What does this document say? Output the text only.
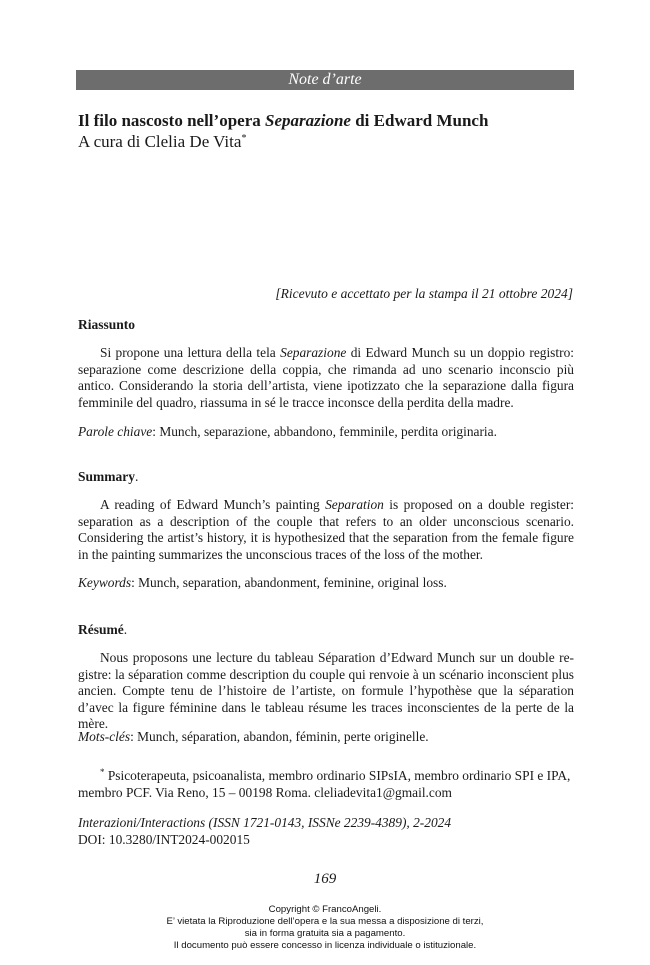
Note d’arte
Il filo nascosto nell’opera Separazione di Edward Munch
A cura di Clelia De Vita*
[Ricevuto e accettato per la stampa il 21 ottobre 2024]
Riassunto

Si propone una lettura della tela Separazione di Edward Munch su un doppio registro: separazione come descrizione della coppia, che rimanda ad uno scenario inconscio più antico. Considerando la storia dell’artista, viene ipotizzato che la separazione dalla figura femminile del quadro, riassuma in sé le tracce inconsce della perdita della madre.

Parole chiave: Munch, separazione, abbandono, femminile, perdita originaria.
Summary.

A reading of Edward Munch’s painting Separation is proposed on a double register: separation as a description of the couple that refers to an older unconscious scenario. Considering the artist’s history, it is hypothesized that the separation from the female figure in the painting summarizes the unconscious traces of the loss of the mother.

Keywords: Munch, separation, abandonment, feminine, original loss.
Résumé.

Nous proposons une lecture du tableau Séparation d’Edward Munch sur un double registre: la séparation comme description du couple qui renvoie à un scénario inconscient plus ancien. Compte tenu de l’histoire de l’artiste, on formule l’hypothèse que la séparation d’avec la figure féminine dans le tableau résume les traces inconscientes de la perte de la mère.

Mots-clés: Munch, séparation, abandon, féminin, perte originelle.

* Psicoterapeuta, psicoanalista, membro ordinario SIPsIA, membro ordinario SPI e IPA, membro PCF. Via Reno, 15 – 00198 Roma. cleliadevita1@gmail.com

Interazioni/Interactions (ISSN 1721-0143, ISSNe 2239-4389), 2-2024
DOI: 10.3280/INT2024-002015
169
Copyright © FrancoAngeli.
E’ vietata la Riproduzione dell’opera e la sua messa a disposizione di terzi,
sia in forma gratuita sia a pagamento.
Il documento può essere concesso in licenza individuale o istituzionale.
